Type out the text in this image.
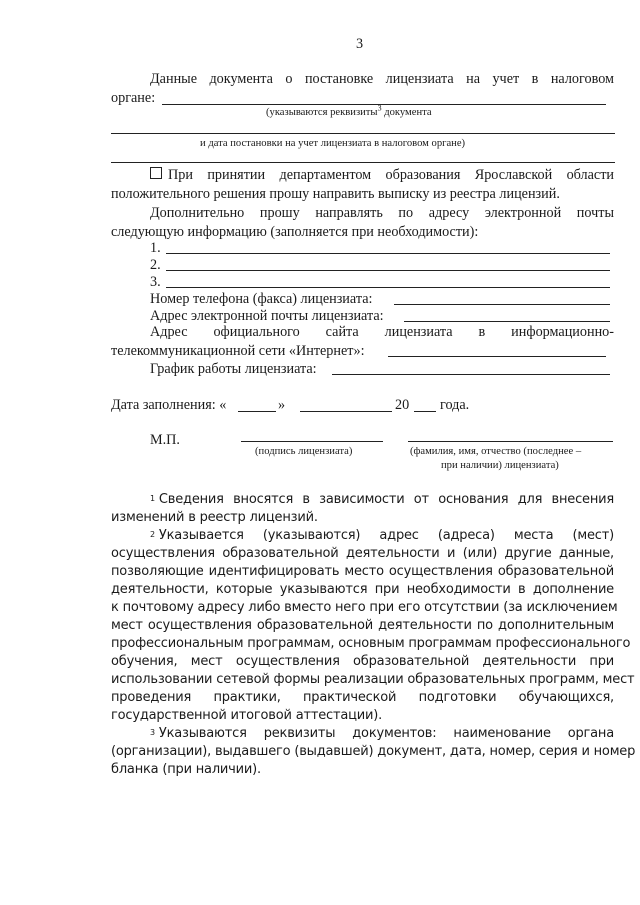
3
Данные документа о постановке лицензиата на учет в налоговом
органе:
(указываются реквизиты$^3$ документа
и дата постановки на учет лицензиата в налоговом органе)
При принятии департаментом образования Ярославской области
положительного решения прошу направить выписку из реестра лицензий.
Дополнительно прошу направлять по адресу электронной почты
следующую информацию (заполняется при необходимости):
1.
2.
3.
Номер телефона (факса) лицензиата:
Адрес электронной почты лицензиата:
Адрес официального сайта лицензиата в информационно-
телекоммуникационной сети «Интернет»:
График работы лицензиата:
Дата заполнения: «	»	20 года.
М.П.
(подпись лицензиата)	(фамилия, имя, отчество (последнее –
при наличии) лицензиата)
1 Сведения вносятся в зависимости от основания для внесения
изменений в реестр лицензий.
2 Указывается (указываются) адрес (адреса) места (мест)
осуществления образовательной деятельности и (или) другие данные,
позволяющие идентифицировать место осуществления образовательной
деятельности, которые указываются при необходимости в дополнение
к почтовому адресу либо вместо него при его отсутствии (за исключением
мест осуществления образовательной деятельности по дополнительным
профессиональным программам, основным программам профессионального
обучения, мест осуществления образовательной деятельности при
использовании сетевой формы реализации образовательных программ, мест
проведения практики, практической подготовки обучающихся,
государственной итоговой аттестации).
3 Указываются реквизиты документов: наименование органа
(организации), выдавшего (выдавшей) документ, дата, номер, серия и номер
бланка (при наличии).
